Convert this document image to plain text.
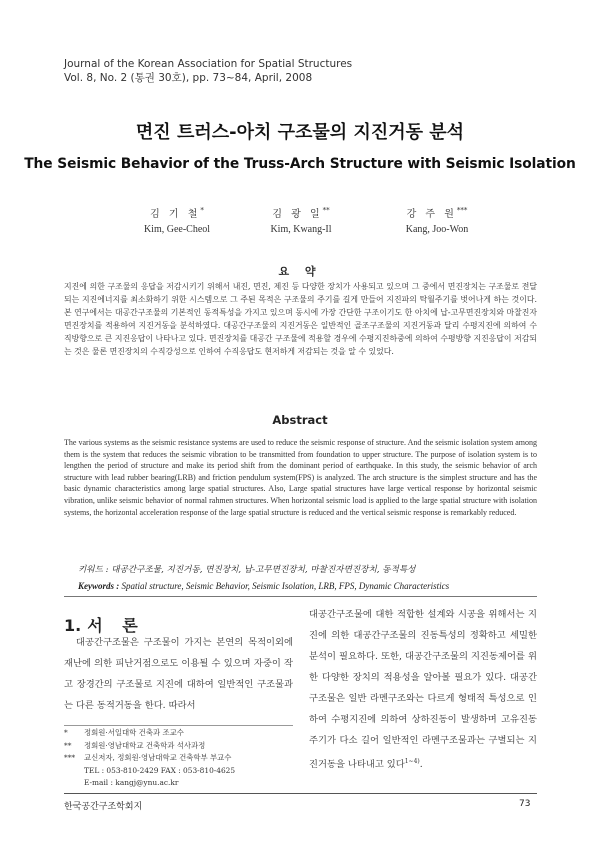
Journal of the Korean Association for Spatial Structures
Vol. 8, No. 2 (통권 30호), pp. 73~84, April, 2008
면진 트러스-아치 구조물의 지진거동 분석
The Seismic Behavior of the Truss-Arch Structure with Seismic Isolation
김 기 철*
Kim, Gee-Cheol
김 광 일**
Kim, Kwang-Il
강 주 원***
Kang, Joo-Won
요 약
지진에 의한 구조물의 응답을 저감시키기 위해서 내진, 면진, 제진 등 다양한 장치가 사용되고 있으며 그 중에서 면진장치는 구조물로 전달되는 지진에너지를 최소화하기 위한 시스템으로 그 주된 목적은 구조물의 주기를 길게 만들어 지진파의 탁월주기를 벗어나게 하는 것이다. 본 연구에서는 대공간구조물의 기본적인 동적특성을 가지고 있으며 동시에 가장 간단한 구조이기도 한 아치에 납-고무면진장치와 마찰진자면진장치를 적용하여 지진거동을 분석하였다. 대공간구조물의 지진거동은 일반적인 골조구조물의 지진거동과 달리 수평지진에 의하여 수직방향으로 큰 지진응답이 나타나고 있다. 면진장치를 대공간 구조물에 적용할 경우에 수평지진하중에 의하여 수평방향 지진응답이 저감되는 것은 물론 면진장치의 수직강성으로 인하여 수직응답도 현저하게 저감되는 것을 알 수 있었다.
Abstract
The various systems as the seismic resistance systems are used to reduce the seismic response of structure. And the seismic isolation system among them is the system that reduces the seismic vibration to be transmitted from foundation to upper structure. The purpose of isolation system is to lengthen the period of structure and make its period shift from the dominant period of earthquake. In this study, the seismic behavior of arch structure with lead rubber bearing(LRB) and friction pendulum system(FPS) is analyzed. The arch structure is the simplest structure and has the basic dynamic characteristics among large spatial structures. Also, Large spatial structures have large vertical response by horizontal seismic vibration, unlike seismic behavior of normal rahmen structures. When horizontal seismic load is applied to the large spatial structure with isolation systems, the horizontal acceleration response of the large spatial structure is reduced and the vertical seismic response is remarkably reduced.
키워드 : 대공간구조물, 지진거동, 면진장치, 납-고무면진장치, 마찰진자면진장치, 동적특성
Keywords : Spatial structure, Seismic Behavior, Seismic Isolation, LRB, FPS, Dynamic Characteristics
1. 서 론
대공간구조물은 구조물이 가지는 본연의 목적이외에 재난에 의한 피난거점으로도 이용될 수 있으며 자중이 작고 장경간의 구조물로 지진에 대하여 일반적인 구조물과는 다른 동적거동을 한다. 따라서
대공간구조물에 대한 적합한 설계와 시공을 위해서는 지진에 의한 대공간구조물의 진동특성의 정확하고 세밀한 분석이 필요하다. 또한, 대공간구조물의 지진동제어를 위한 다양한 장치의 적용성을 알아볼 필요가 있다. 대공간구조물은 일반 라멘구조와는 다르게 형태적 특성으로 인하여 수평지진에 의하여 상하진동이 발생하며 고유진동주기가 다소 길어 일반적인 라멘구조물과는 구별되는 지진거동을 나타내고 있다$^{1\sim 4)}$.
* 정회원·서일대학 건축과 조교수
** 정회원·영남대학교 건축학과 석사과정
*** 교신저자, 정회원·영남대학교 건축학부 부교수
TEL : 053-810-2429 FAX : 053-810-4625
E-mail : kangj@ynu.ac.kr
한국공간구조학회지	73
